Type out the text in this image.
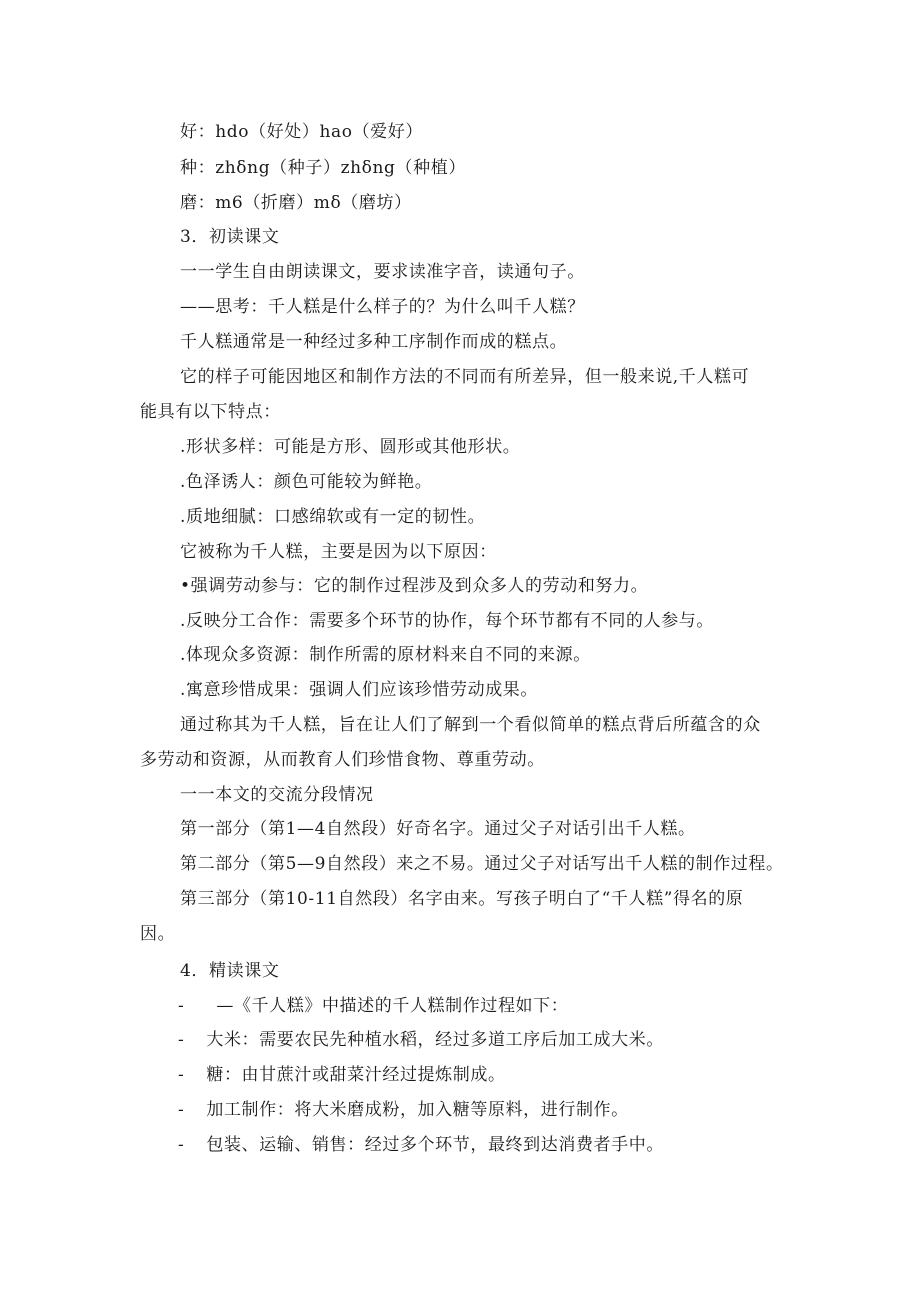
好：hdo（好处）hao（爱好）
种：zhδng（种子）zhδng（种植）
磨：m6（折磨）mδ（磨坊）
3．初读课文
一一学生自由朗读课文，要求读准字音，读通句子。
——思考：千人糕是什么样子的？为什么叫千人糕？
千人糕通常是一种经过多种工序制作而成的糕点。
它的样子可能因地区和制作方法的不同而有所差异，但一般来说,千人糕可
能具有以下特点：
.形状多样：可能是方形、圆形或其他形状。
.色泽诱人：颜色可能较为鲜艳。
.质地细腻：口感绵软或有一定的韧性。
它被称为千人糕，主要是因为以下原因：
•强调劳动参与：它的制作过程涉及到众多人的劳动和努力。
.反映分工合作：需要多个环节的协作，每个环节都有不同的人参与。
.体现众多资源：制作所需的原材料来自不同的来源。
.寓意珍惜成果：强调人们应该珍惜劳动成果。
通过称其为千人糕，旨在让人们了解到一个看似简单的糕点背后所蕴含的众
多劳动和资源，从而教育人们珍惜食物、尊重劳动。
一一本文的交流分段情况
第一部分（第1—4自然段）好奇名字。通过父子对话引出千人糕。
第二部分（第5—9自然段）来之不易。通过父子对话写出千人糕的制作过程。
第三部分（第10-11自然段）名字由来。写孩子明白了“千人糕”得名的原
因。
4．精读课文
- —《千人糕》中描述的千人糕制作过程如下：
- 大米：需要农民先种植水稻，经过多道工序后加工成大米。
- 糖：由甘蔗汁或甜菜汁经过提炼制成。
- 加工制作：将大米磨成粉，加入糖等原料，进行制作。
- 包装、运输、销售：经过多个环节，最终到达消费者手中。
